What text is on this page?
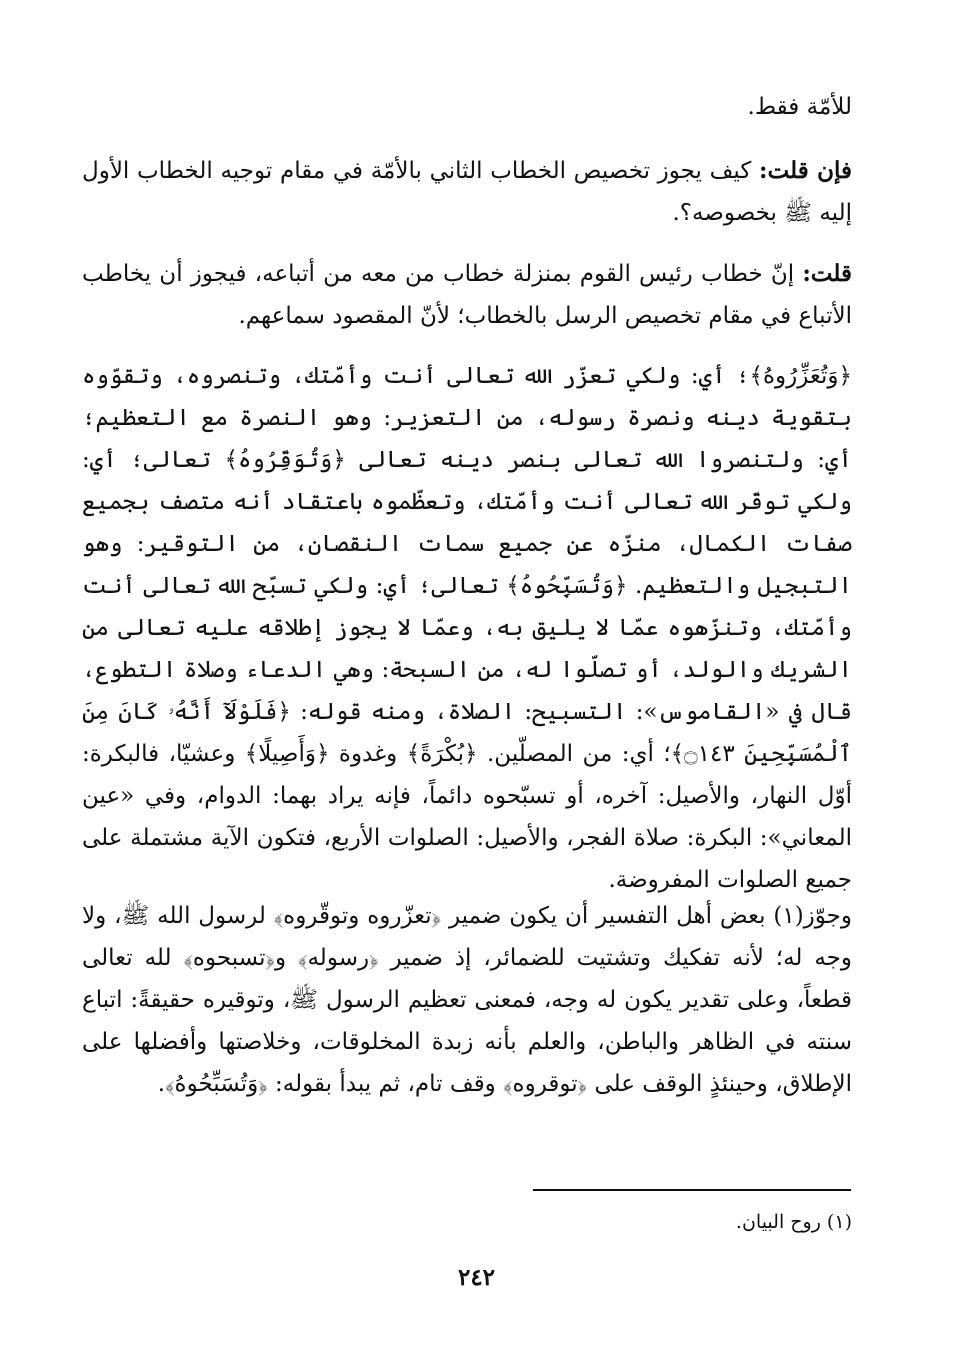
للأمّة فقط.

فإن قلت: كيف يجوز تخصيص الخطاب الثاني بالأمّة في مقام توجيه الخطاب الأول إليه ﷺ بخصوصه؟.

قلت: إنّ خطاب رئيس القوم بمنزلة خطاب من معه من أتباعه، فيجوز أن يخاطب الأتباع في مقام تخصيص الرسل بالخطاب؛ لأنّ المقصود سماعهم.

﴿وَتُعَزِّرُوهُ﴾؛ أي: ولكي تعزّر الله تعالى أنت وأمّتك، وتنصروه، وتقوّوه بتقوية دينه ونصرة رسوله، من التعزير: وهو النصرة مع التعظيم؛ أي: ولتنصروا الله تعالى بنصر دينه تعالى ﴿وَتُوَقِّرُوهُ﴾ تعالى؛ أي: ولكي توقّر الله تعالى أنت وأمّتك، وتعظّموه باعتقاد أنه متصف بجميع صفات الكمال، منزّه عن جميع سمات النقصان، من التوقير: وهو التبجيل والتعظيم. ﴿وَتُسَبِّحُوهُ﴾ تعالى؛ أي: ولكي تسبّح الله تعالى أنت وأمّتك، وتنزّهوه عمّا لا يليق به، وعمّا لا يجوز إطلاقه عليه تعالى من الشريك والولد، أو تصلّوا له، من السبحة: وهي الدعاء وصلاة التطوع، قال في «القاموس»: التسبيح: الصلاة، ومنه قوله: ﴿فَلَوْلَآ أَنَّهُۥ كَانَ مِنَ ٱلْمُسَبِّحِينَ ۝١٤٣﴾؛ أي: من المصلّين. ﴿بُكْرَةً﴾ وغدوة ﴿وَأَصِيلًا﴾ وعشيّا، فالبكرة: أوّل النهار، والأصيل: آخره، أو تسبّحوه دائماً، فإنه يراد بهما: الدوام، وفي «عين المعاني»: البكرة: صلاة الفجر، والأصيل: الصلوات الأربع، فتكون الآية مشتملة على جميع الصلوات المفروضة.

وجوّز(١) بعض أهل التفسير أن يكون ضمير ﴿تعزّروه وتوقّروه﴾ لرسول الله ﷺ، ولا وجه له؛ لأنه تفكيك وتشتيت للضمائر، إذ ضمير ﴿رسوله﴾ و﴿تسبحوه﴾ لله تعالى قطعاً، وعلى تقدير يكون له وجه، فمعنى تعظيم الرسول ﷺ، وتوقيره حقيقةً: اتباع سنته في الظاهر والباطن، والعلم بأنه زبدة المخلوقات، وخلاصتها وأفضلها على الإطلاق، وحينئذٍ الوقف على ﴿توقروه﴾ وقف تام، ثم يبدأ بقوله: ﴿وَتُسَبِّحُوهُ﴾.

(١) روح البيان.

٢٤٢
